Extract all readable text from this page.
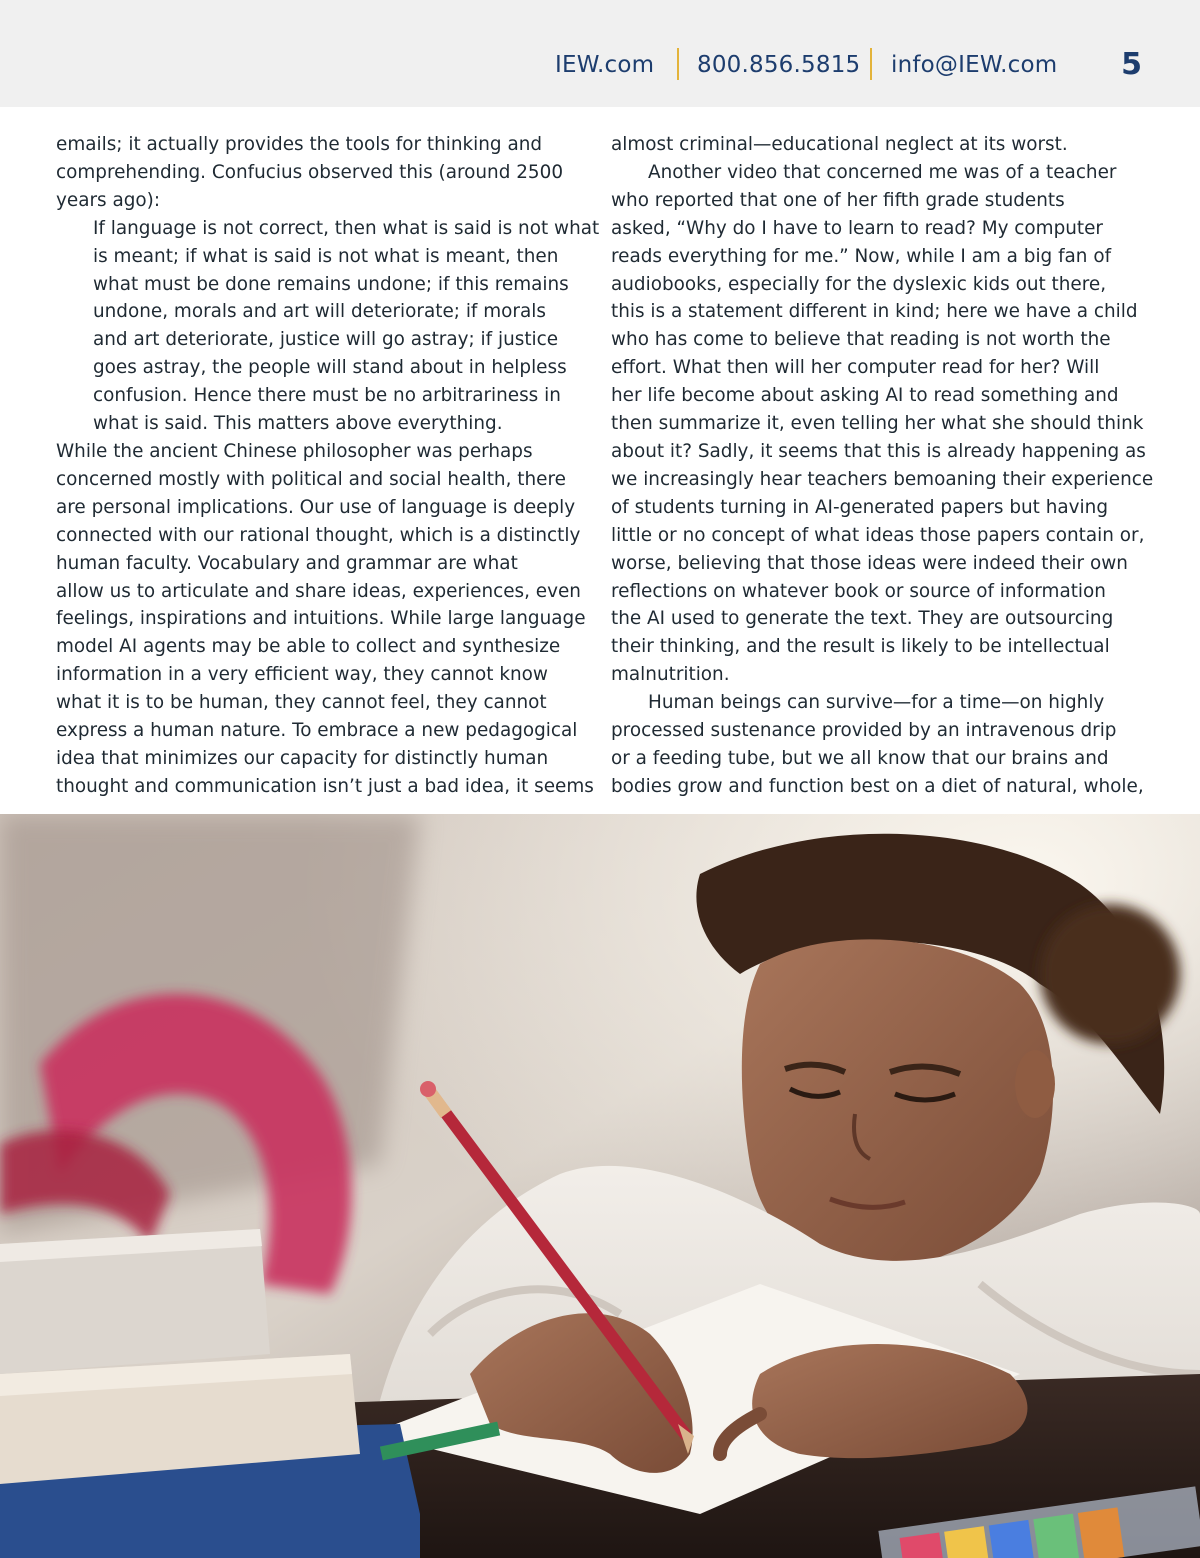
IEW.com 800.856.5815 info@IEW.com 5
emails; it actually provides the tools for thinking and
comprehending. Confucius observed this (around 2500
years ago):
If language is not correct, then what is said is not what
is meant; if what is said is not what is meant, then
what must be done remains undone; if this remains
undone, morals and art will deteriorate; if morals
and art deteriorate, justice will go astray; if justice
goes astray, the people will stand about in helpless
confusion. Hence there must be no arbitrariness in
what is said. This matters above everything.
While the ancient Chinese philosopher was perhaps
concerned mostly with political and social health, there
are personal implications. Our use of language is deeply
connected with our rational thought, which is a distinctly
human faculty. Vocabulary and grammar are what
allow us to articulate and share ideas, experiences, even
feelings, inspirations and intuitions. While large language
model AI agents may be able to collect and synthesize
information in a very efficient way, they cannot know
what it is to be human, they cannot feel, they cannot
express a human nature. To embrace a new pedagogical
idea that minimizes our capacity for distinctly human
thought and communication isn’t just a bad idea, it seems
almost criminal—educational neglect at its worst.
Another video that concerned me was of a teacher
who reported that one of her fifth grade students
asked, “Why do I have to learn to read? My computer
reads everything for me.” Now, while I am a big fan of
audiobooks, especially for the dyslexic kids out there,
this is a statement different in kind; here we have a child
who has come to believe that reading is not worth the
effort. What then will her computer read for her? Will
her life become about asking AI to read something and
then summarize it, even telling her what she should think
about it? Sadly, it seems that this is already happening as
we increasingly hear teachers bemoaning their experience
of students turning in AI-generated papers but having
little or no concept of what ideas those papers contain or,
worse, believing that those ideas were indeed their own
reflections on whatever book or source of information
the AI used to generate the text. They are outsourcing
their thinking, and the result is likely to be intellectual
malnutrition.
Human beings can survive—for a time—on highly
processed sustenance provided by an intravenous drip
or a feeding tube, but we all know that our brains and
bodies grow and function best on a diet of natural, whole,
